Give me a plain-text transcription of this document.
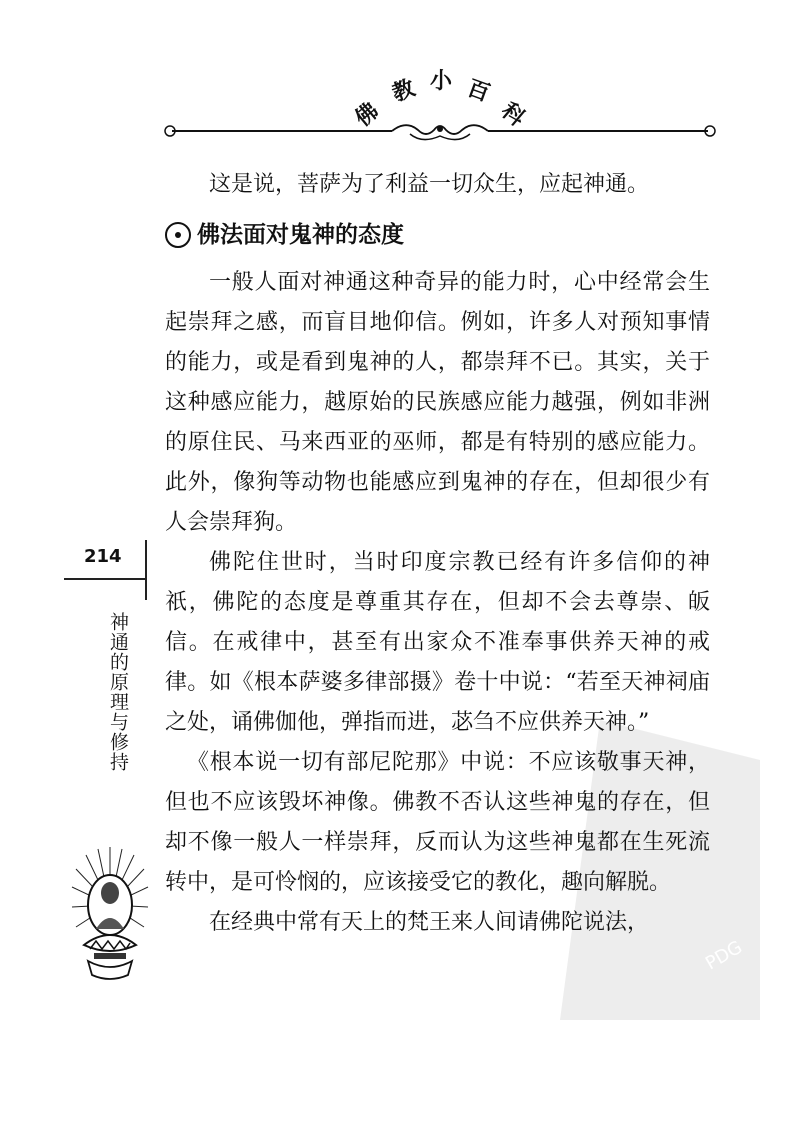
佛
教 小 百
科
214
神通的原理与修持
PDG

这是说，菩萨为了利益一切众生，应起神通。

佛法面对鬼神的态度

一般人面对神通这种奇异的能力时，心中经常会生起崇拜之感，而盲目地仰信。例如，许多人对预知事情的能力，或是看到鬼神的人，都崇拜不已。其实，关于这种感应能力，越原始的民族感应能力越强，例如非洲的原住民、马来西亚的巫师，都是有特别的感应能力。此外，像狗等动物也能感应到鬼神的存在，但却很少有人会崇拜狗。

佛陀住世时，当时印度宗教已经有许多信仰的神祇，佛陀的态度是尊重其存在，但却不会去尊崇、皈信。在戒律中，甚至有出家众不准奉事供养天神的戒律。如《根本萨婆多律部摄》卷十中说：“若至天神祠庙之处，诵佛伽他，弹指而进，苾刍不应供养天神。”

《根本说一切有部尼陀那》中说：不应该敬事天神，但也不应该毁坏神像。佛教不否认这些神鬼的存在，但却不像一般人一样崇拜，反而认为这些神鬼都在生死流转中，是可怜悯的，应该接受它的教化，趣向解脱。

在经典中常有天上的梵王来人间请佛陀说法，
